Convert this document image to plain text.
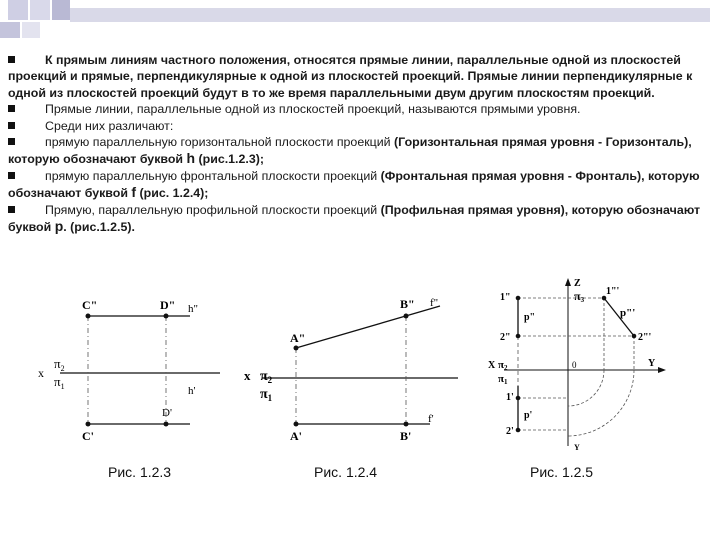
К прямым линиям частного положения, относятся прямые линии, параллельные одной из плоскостей проекций и прямые, перпендикулярные к одной из плоскостей проекций. Прямые линии перпендикулярные к одной из плоскостей проекций будут в то же время параллельными двум другим плоскостям проекций.

Прямые линии, параллельные одной из плоскостей проекций, называются прямыми уровня.

Среди них различают:

прямую параллельную горизонтальной плоскости проекций (Горизонтальная прямая уровня - Горизонталь), которую обозначают буквой h (рис.1.2.3);

прямую параллельную фронтальной плоскости проекций (Фронтальная прямая уровня - Фронталь), которую обозначают буквой f (рис. 1.2.4);

Прямую, параллельную профильной плоскости проекций (Профильная прямая уровня), которую обозначают буквой p. (рис.1.2.5).

C"	D" h"
x
$\pi_2$
$\pi_1$	h'
D'
C'
Рис. 1.2.3
B" f"
A"
x $\pi_2$
$\pi_1$
f'
A'	B'
Рис. 1.2.4
Z
π3
1"
1"'
p"	p"'
2"	2"'
X π2
π1
0	Y
1'
p'
2'
Y
Рис. 1.2.5
